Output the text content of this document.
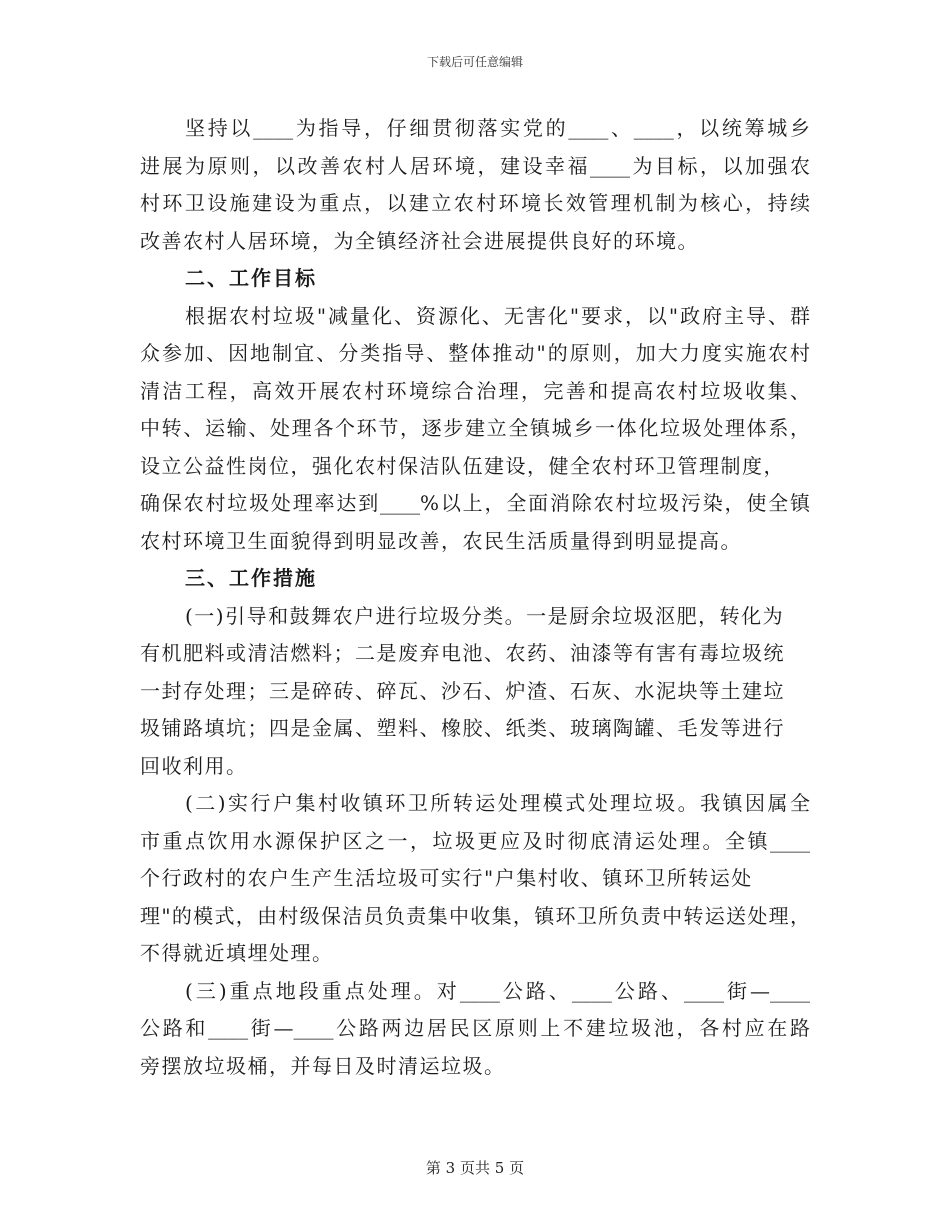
下载后可任意编辑
坚持以____为指导，仔细贯彻落实党的____、____，以统筹城乡
进展为原则，以改善农村人居环境，建设幸福____为目标，以加强农
村环卫设施建设为重点，以建立农村环境长效管理机制为核心，持续
改善农村人居环境，为全镇经济社会进展提供良好的环境。
二、工作目标
根据农村垃圾"减量化、资源化、无害化"要求，以"政府主导、群
众参加、因地制宜、分类指导、整体推动"的原则，加大力度实施农村
清洁工程，高效开展农村环境综合治理，完善和提高农村垃圾收集、
中转、运输、处理各个环节，逐步建立全镇城乡一体化垃圾处理体系，
设立公益性岗位，强化农村保洁队伍建设，健全农村环卫管理制度，
确保农村垃圾处理率达到____%以上，全面消除农村垃圾污染，使全镇
农村环境卫生面貌得到明显改善，农民生活质量得到明显提高。
三、工作措施
(一)引导和鼓舞农户进行垃圾分类。一是厨余垃圾沤肥，转化为
有机肥料或清洁燃料；二是废弃电池、农药、油漆等有害有毒垃圾统
一封存处理；三是碎砖、碎瓦、沙石、炉渣、石灰、水泥块等土建垃
圾铺路填坑；四是金属、塑料、橡胶、纸类、玻璃陶罐、毛发等进行
回收利用。
(二)实行户集村收镇环卫所转运处理模式处理垃圾。我镇因属全
市重点饮用水源保护区之一，垃圾更应及时彻底清运处理。全镇____
个行政村的农户生产生活垃圾可实行"户集村收、镇环卫所转运处
理"的模式，由村级保洁员负责集中收集，镇环卫所负责中转运送处理，
不得就近填埋处理。
(三)重点地段重点处理。对____公路、____公路、____街—____
公路和____街—____公路两边居民区原则上不建垃圾池，各村应在路
旁摆放垃圾桶，并每日及时清运垃圾。
第 3 页共 5 页
